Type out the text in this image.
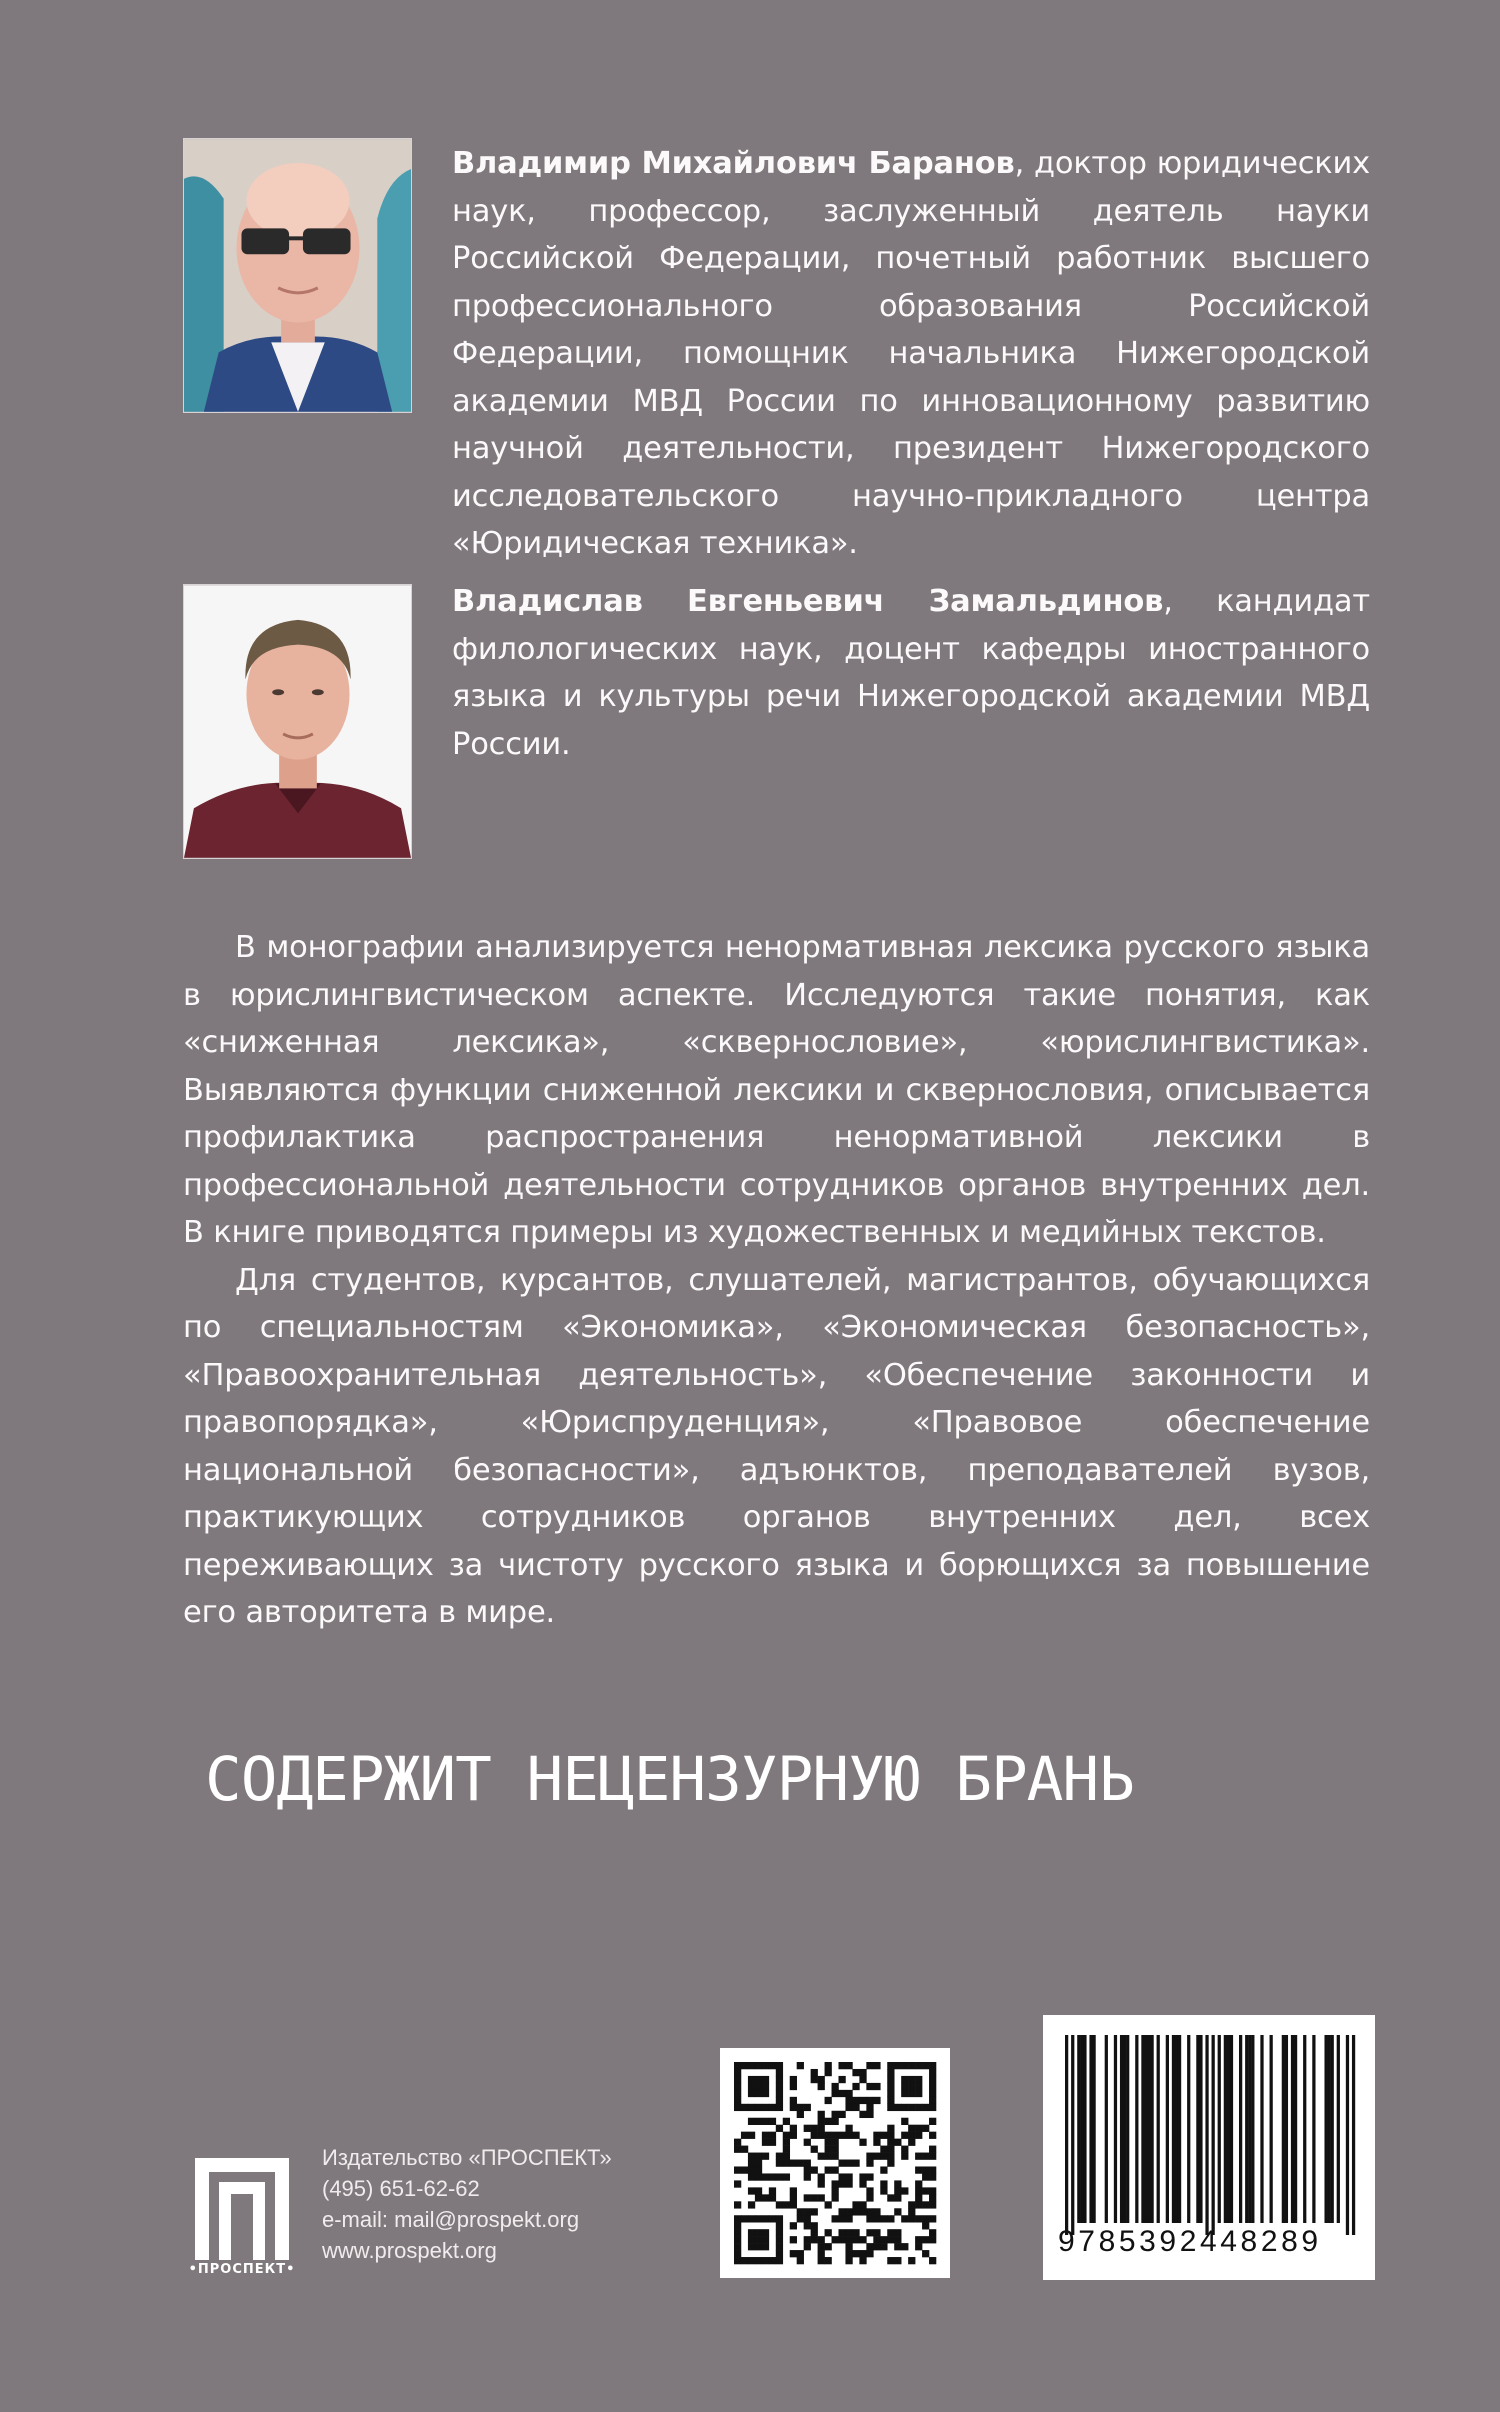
Владимир Михайлович Баранов, доктор юридических наук, профессор, заслуженный деятель науки Российской Федерации, почетный работник высшего профессионального образования Российской Федерации, помощник начальника Нижегородской академии МВД России по инновационному развитию научной деятельности, президент Нижегородского исследовательского научно-прикладного центра «Юридическая техника».
Владислав Евгеньевич Замальдинов, кандидат филологических наук, доцент кафедры иностранного языка и культуры речи Нижегородской академии МВД России.

В монографии анализируется ненормативная лексика русского языка в юрислингвистическом аспекте. Исследуются такие понятия, как «сниженная лексика», «сквернословие», «юрислингвистика». Выявляются функции сниженной лексики и сквернословия, описывается профилактика распространения ненормативной лексики в профессиональной деятельности сотрудников органов внутренних дел. В книге приводятся примеры из художественных и медийных текстов.

Для студентов, курсантов, слушателей, магистрантов, обучающихся по специальностям «Экономика», «Экономическая безопасность», «Правоохранительная деятельность», «Обеспечение законности и правопорядка», «Юриспруденция», «Правовое обеспечение национальной безопасности», адъюнктов, преподавателей вузов, практикующих сотрудников органов внутренних дел, всех переживающих за чистоту русского языка и борющихся за повышение его авторитета в мире.

СОДЕРЖИТ НЕЦЕНЗУРНУЮ БРАНЬ
•ПРОСПЕКТ•
Издательство «ПРОСПЕКТ»
(495) 651-62-62
e-mail: mail@prospekt.org
www.prospekt.org	9785392448289
